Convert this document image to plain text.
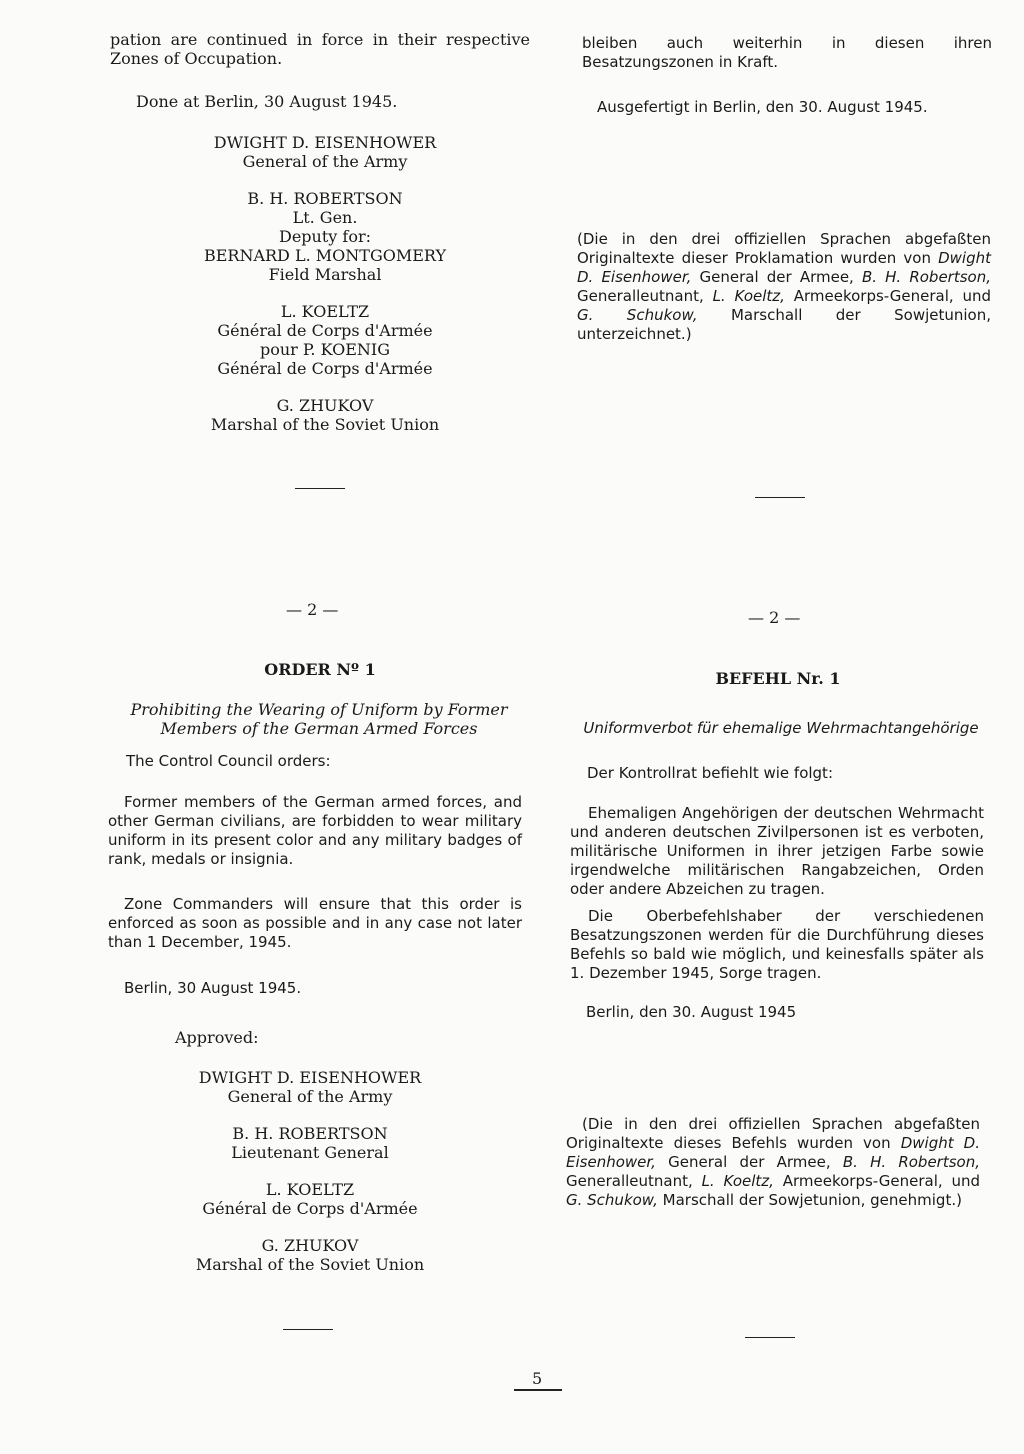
pation are continued in force in their respective Zones of Occupation.

Done at Berlin, 30 August 1945.

DWIGHT D. EISENHOWER
General of the Army
B. H. ROBERTSON
Lt. Gen.
Deputy for:
BERNARD L. MONTGOMERY
Field Marshal
L. KOELTZ
Général de Corps d'Armée
pour P. KOENIG
Général de Corps d'Armée
G. ZHUKOV
Marshal of the Soviet Union

bleiben auch weiterhin in diesen ihren Besatzungszonen in Kraft.

Ausgefertigt in Berlin, den 30. August 1945.

(Die in den drei offiziellen Sprachen abgefaßten Originaltexte dieser Proklamation wurden von Dwight D. Eisenhower, General der Armee, B. H. Robertson, Generalleutnant, L. Koeltz, Armeekorps-General, und G. Schukow, Marschall der Sowjetunion, unterzeichnet.)

— 2 —
ORDER Nº 1
Prohibiting the Wearing of Uniform by Former Members of the German Armed Forces

The Control Council orders:

Former members of the German armed forces, and other German civilians, are forbidden to wear military uniform in its present color and any military badges of rank, medals or insignia.

Zone Commanders will ensure that this order is enforced as soon as possible and in any case not later than 1 December, 1945.

Berlin, 30 August 1945.

Approved:

DWIGHT D. EISENHOWER
General of the Army
B. H. ROBERTSON
Lieutenant General
L. KOELTZ
Général de Corps d'Armée
G. ZHUKOV
Marshal of the Soviet Union
— 2 —
BEFEHL Nr. 1
Uniformverbot für ehemalige Wehrmachtangehörige

Der Kontrollrat befiehlt wie folgt:

Ehemaligen Angehörigen der deutschen Wehrmacht und anderen deutschen Zivilpersonen ist es verboten, militärische Uniformen in ihrer jetzigen Farbe sowie irgendwelche militärischen Rangabzeichen, Orden oder andere Abzeichen zu tragen.

Die Oberbefehlshaber der verschiedenen Besatzungszonen werden für die Durchführung dieses Befehls so bald wie möglich, und keinesfalls später als 1. Dezember 1945, Sorge tragen.

Berlin, den 30. August 1945

(Die in den drei offiziellen Sprachen abgefaßten Originaltexte dieses Befehls wurden von Dwight D. Eisenhower, General der Armee, B. H. Robertson, Generalleutnant, L. Koeltz, Armeekorps-General, und G. Schukow, Marschall der Sowjetunion, genehmigt.)

5
